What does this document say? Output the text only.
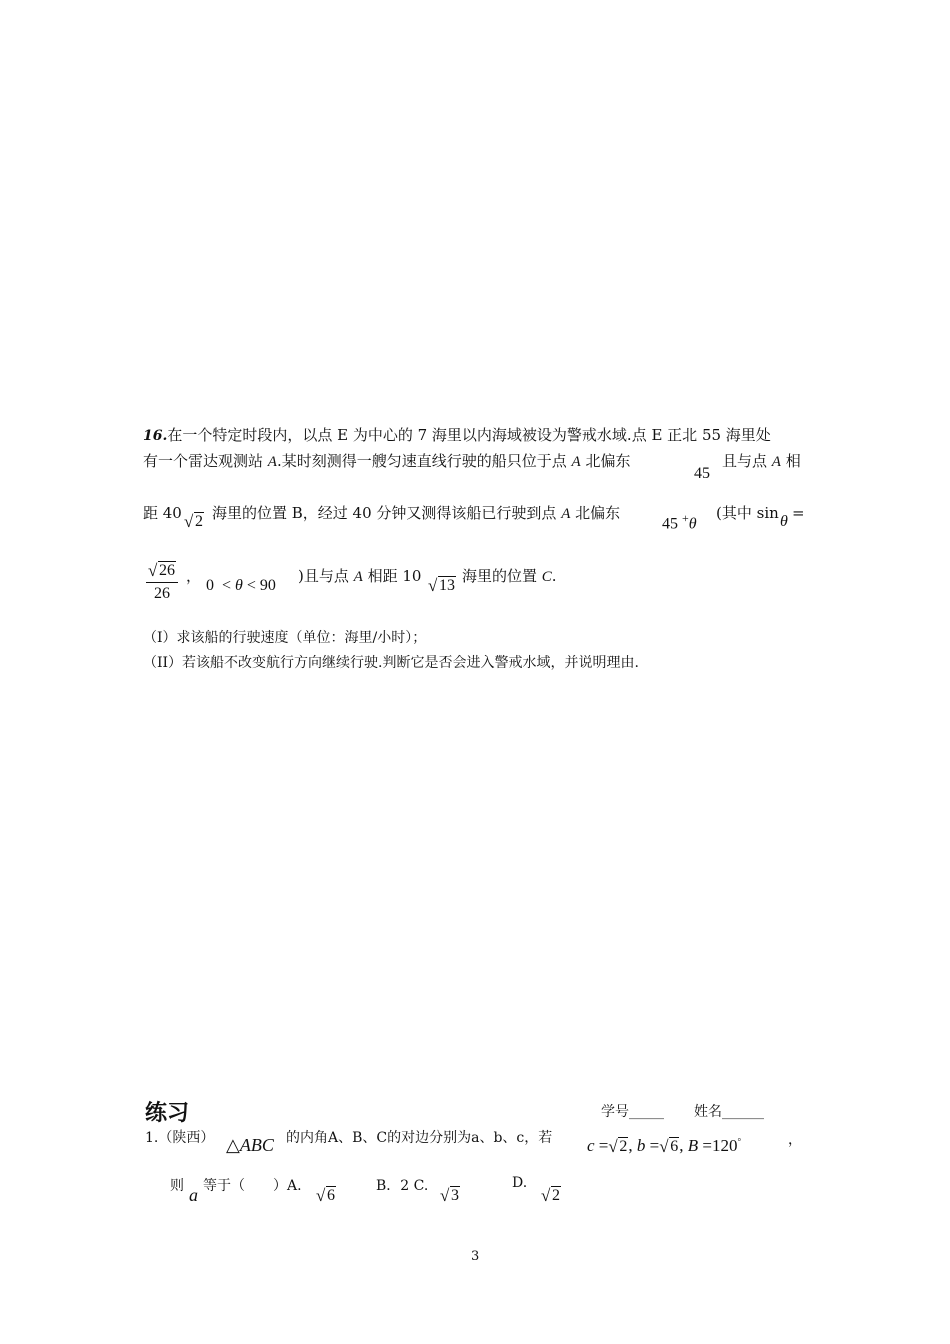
16.在一个特定时段内，以点 E 为中心的 7 海里以内海域被设为警戒水域.点 E 正北 55 海里处
有一个雷达观测站 A.某时刻测得一艘匀速直线行驶的船只位于点 A 北偏东
45
且与点 A 相
距 40 √ 2 海里的位置 B，经过 40 分钟又测得该船已行驶到点 A 北偏东
45 +θ
(其中 sin θ =
√ $\frac{26}{26}$ ，
0 < θ < 90
)且与点 A 相距 10
√ 13
海里的位置 C.
（I）求该船的行驶速度（单位：海里/小时）；
（II）若该船不改变航行方向继续行驶.判断它是否会进入警戒水域，并说明理由.
练习	学号_____ 姓名______
1.（陕西） △ABC 的内角A、B、C的对边分别为a、b、c，若 c = √ 2, b = √ 6, B =120°	，
则 a 等于（　　）A.
√ 6
B．2 C.
√ 3
D.
√ 2
3
